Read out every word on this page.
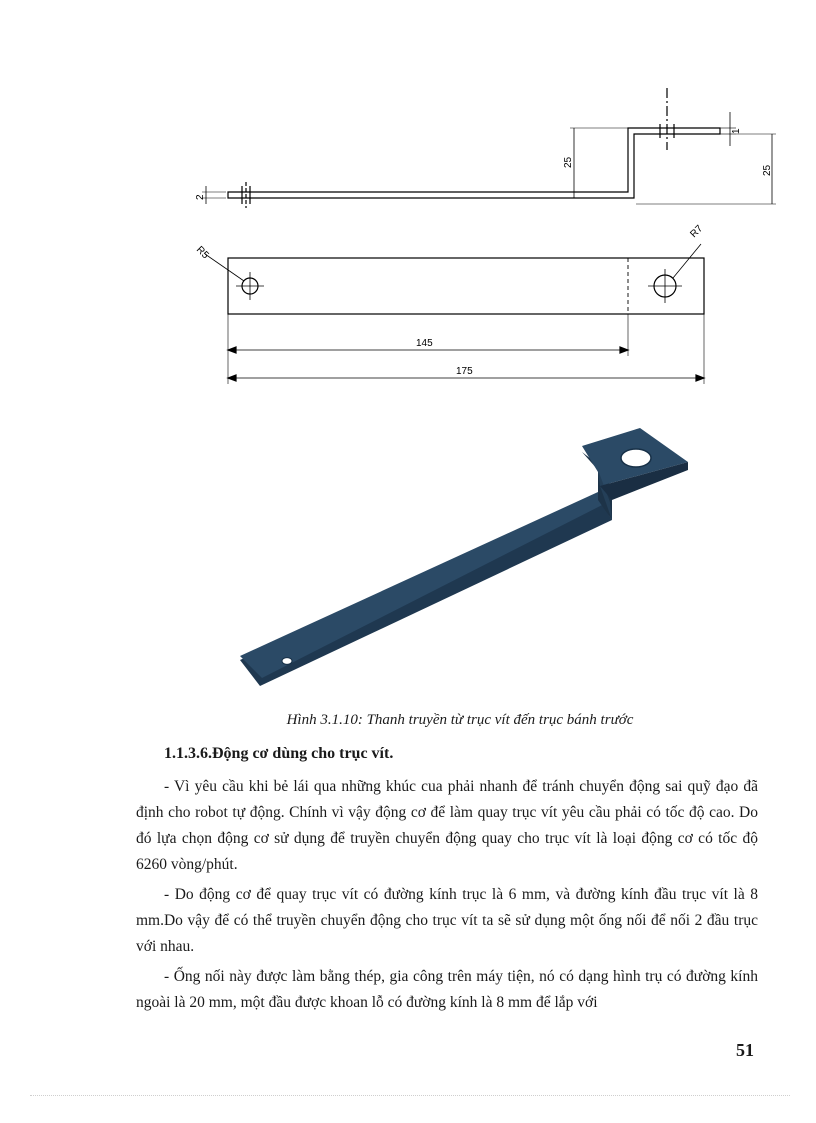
2
25
1
25
R5
R7
145
175
Hình 3.1.10: Thanh truyền từ trục vít đến trục bánh trước
1.1.3.6.Động cơ dùng cho trục vít.

- Vì yêu cầu khi bẻ lái qua những khúc cua phải nhanh để tránh chuyển động sai quỹ đạo đã định cho robot tự động. Chính vì vậy động cơ để làm quay trục vít yêu cầu phải có tốc độ cao. Do đó lựa chọn động cơ sử dụng để truyền chuyển động quay cho trục vít là loại động cơ có tốc độ 6260 vòng/phút.

- Do động cơ để quay trục vít có đường kính trục là 6 mm, và đường kính đầu trục vít là 8 mm.Do vậy để có thể truyền chuyển động cho trục vít ta sẽ sử dụng một ống nối để nối 2 đầu trục với nhau.

- Ống nối này được làm bằng thép, gia công trên máy tiện, nó có dạng hình trụ có đường kính ngoài là 20 mm, một đầu được khoan lỗ có đường kính là 8 mm để lắp với

51
